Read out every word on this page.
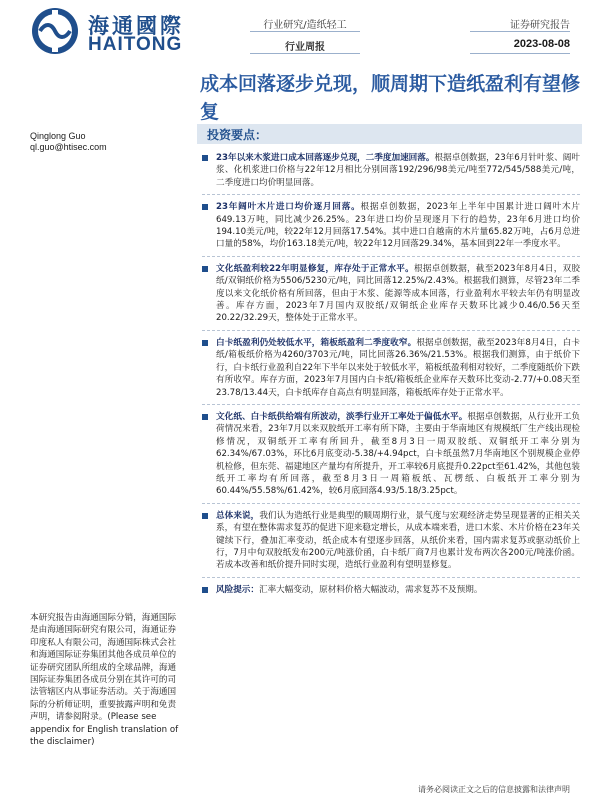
海通國際
HAITONG
行业研究/造纸轻工
行业周报
证券研究报告
2023-08-08
成本回落逐步兑现，顺周期下造纸盈利有望修复
Qinglong Guo
ql.guo@htisec.com
投资要点：
23年以来木浆进口成本回落逐步兑现，二季度加速回落。根据卓创数据，23年6月针叶浆、阔叶浆、化机浆进口价格与22年12月相比分别回落192/296/98美元/吨至772/545/588美元/吨，二季度进口均价明显回落。
23年阔叶木片进口均价逐月回落。根据卓创数据，2023年上半年中国累计进口阔叶木片649.13万吨，同比减少26.25%。23年进口均价呈现逐月下行的趋势，23年6月进口均价194.10美元/吨，较22年12月回落17.54%。其中进口自越南的木片量65.82万吨，占6月总进口量的58%，均价163.18美元/吨，较22年12月回落29.34%，基本回到22年一季度水平。
文化纸盈利较22年明显修复，库存处于正常水平。根据卓创数据，截至2023年8月4日，双胶纸/双铜纸价格为5506/5230元/吨，同比回落12.25%/2.43%。根据我们测算，尽管23年二季度以来文化纸价格有所回落，但由于木浆、能源等成本回落，行业盈利水平较去年仍有明显改善。库存方面，2023年7月国内双胶纸/双铜纸企业库存天数环比减少0.46/0.56天至20.22/32.29天，整体处于正常水平。
白卡纸盈利仍处较低水平，箱板纸盈利二季度收窄。根据卓创数据，截至2023年8月4日，白卡纸/箱板纸价格为4260/3703元/吨，同比回落26.36%/21.53%。根据我们测算，由于纸价下行，白卡纸行业盈利自22年下半年以来处于较低水平，箱板纸盈利相对较好，二季度随纸价下跌有所收窄。库存方面，2023年7月国内白卡纸/箱板纸企业库存天数环比变动-2.77/+0.08天至23.78/13.44天，白卡纸库存自高点有明显回落，箱板纸库存处于正常水平。
文化纸、白卡纸供给端有所波动，淡季行业开工率处于偏低水平。根据卓创数据，从行业开工负荷情况来看，23年7月以来双胶纸开工率有所下降，主要由于华南地区有规模纸厂生产线出现检修情况，双铜纸开工率有所回升，截至8月3日一周双胶纸、双铜纸开工率分别为62.34%/67.03%，环比6月底变动-5.38/+4.94pct，白卡纸虽然7月华南地区个别规模企业停机检修，但东莞、福建地区产量均有所提升，开工率较6月底提升0.22pct至61.42%，其他包装纸开工率均有所回落，截至8月3日一周箱板纸、瓦楞纸、白板纸开工率分别为60.44%/55.58%/61.42%，较6月底回落4.93/5.18/3.25pct。
总体来说，我们认为造纸行业是典型的顺周期行业，景气度与宏观经济走势呈现显著的正相关关系，有望在整体需求复苏的促进下迎来稳定增长，从成本端来看，进口木浆、木片价格在23年关键续下行，叠加汇率变动，纸企成本有望逐步回落，从纸价来看，国内需求复苏或驱动纸价上行，7月中旬双胶纸发布200元/吨涨价函，白卡纸厂商7月也累计发布两次各200元/吨涨价函。若成本改善和纸价提升同时实现，造纸行业盈利有望明显修复。
风险提示：汇率大幅变动，原材料价格大幅波动，需求复苏不及预期。
本研究报告由海通国际分销，海通国际是由海通国际研究有限公司，海通证券印度私人有限公司，海通国际株式会社和海通国际证券集团其他各成员单位的证券研究团队所组成的全球品牌，海通国际证券集团各成员分别在其许可的司法管辖区内从事证券活动。关于海通国际的分析师证明，重要披露声明和免责声明，请参阅附录。(Please see appendix for English translation of the disclaimer)
请务必阅读正文之后的信息披露和法律声明
